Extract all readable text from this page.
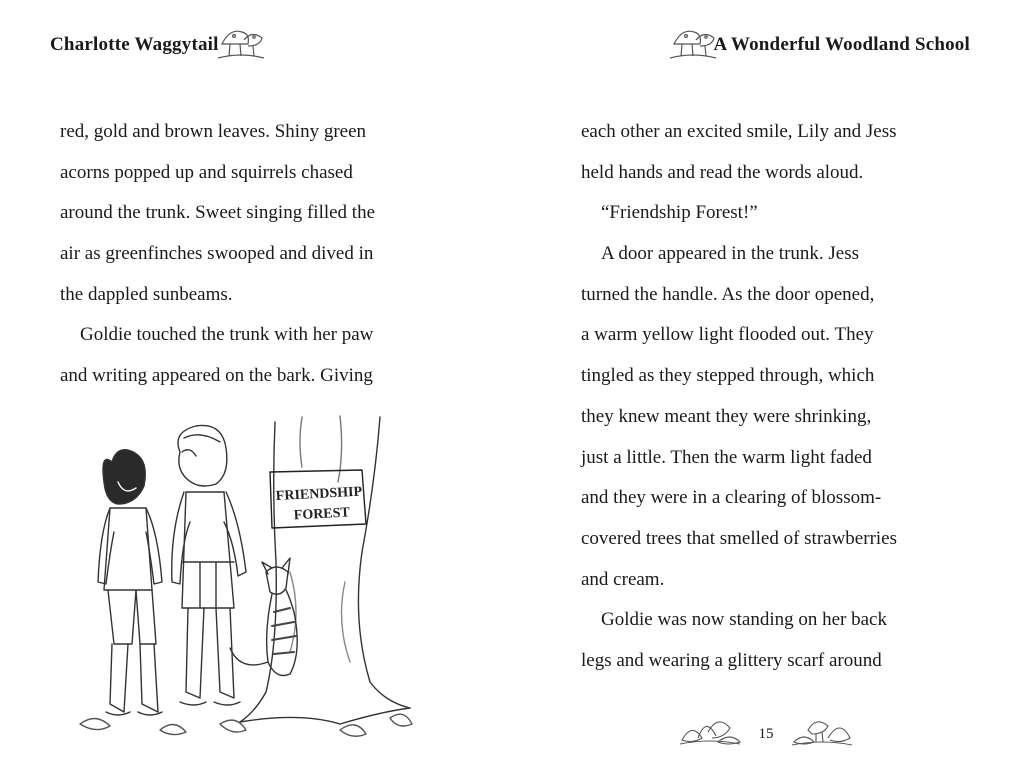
Charlotte Waggytail
red, gold and brown leaves. Shiny green
acorns popped up and squirrels chased
around the trunk. Sweet singing filled the
air as greenfinches swooped and dived in
the dappled sunbeams.
Goldie touched the trunk with her paw
and writing appeared on the bark. Giving
FRIENDSHIP
FOREST
A Wonderful Woodland School
each other an excited smile, Lily and Jess
held hands and read the words aloud.
“Friendship Forest!”
A door appeared in the trunk. Jess
turned the handle. As the door opened,
a warm yellow light flooded out. They
tingled as they stepped through, which
they knew meant they were shrinking,
just a little. Then the warm light faded
and they were in a clearing of blossom-
covered trees that smelled of strawberries
and cream.
Goldie was now standing on her back
legs and wearing a glittery scarf around
15
